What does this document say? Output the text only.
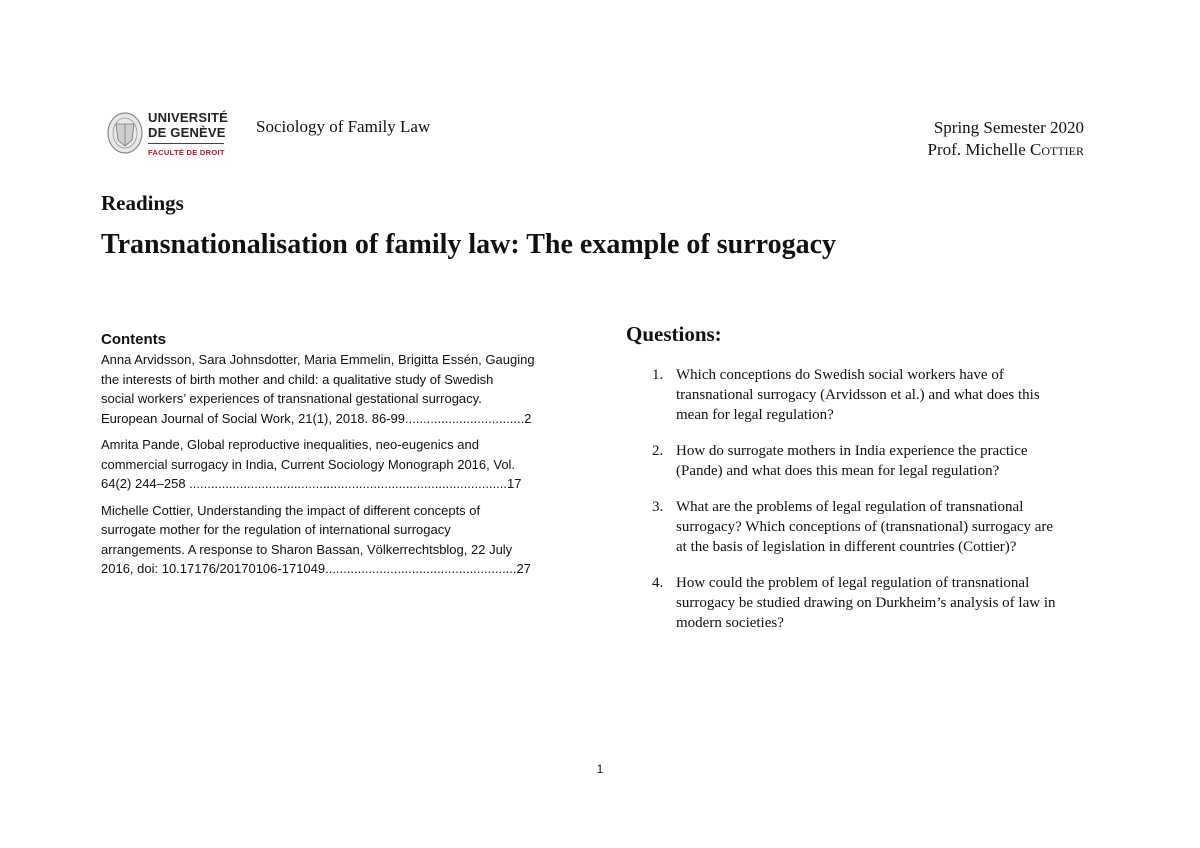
UNIVERSITÉ
DE GENÈVE
FACULTÉ DE DROIT
Sociology of Family Law	Spring Semester 2020
Prof. Michelle Cottier
Readings
Transnationalisation of family law: The example of surrogacy
Contents
Anna Arvidsson, Sara Johnsdotter, Maria Emmelin, Brigitta Essén, Gauging
the interests of birth mother and child: a qualitative study of Swedish
social workers’ experiences of transnational gestational surrogacy.
European Journal of Social Work, 21(1), 2018. 86-99.................................2
Amrita Pande, Global reproductive inequalities, neo-eugenics and
commercial surrogacy in India, Current Sociology Monograph 2016, Vol.
64(2) 244–258 ........................................................................................17
Michelle Cottier, Understanding the impact of different concepts of
surrogate mother for the regulation of international surrogacy
arrangements. A response to Sharon Bassan, Völkerrechtsblog, 22 July
2016, doi: 10.17176/20170106-171049.....................................................27
Questions:
1. Which conceptions do Swedish social workers have of
transnational surrogacy (Arvidsson et al.) and what does this
mean for legal regulation?
2. How do surrogate mothers in India experience the practice
(Pande) and what does this mean for legal regulation?
3. What are the problems of legal regulation of transnational
surrogacy? Which conceptions of (transnational) surrogacy are
at the basis of legislation in different countries (Cottier)?
4. How could the problem of legal regulation of transnational
surrogacy be studied drawing on Durkheim’s analysis of law in
modern societies?
1
